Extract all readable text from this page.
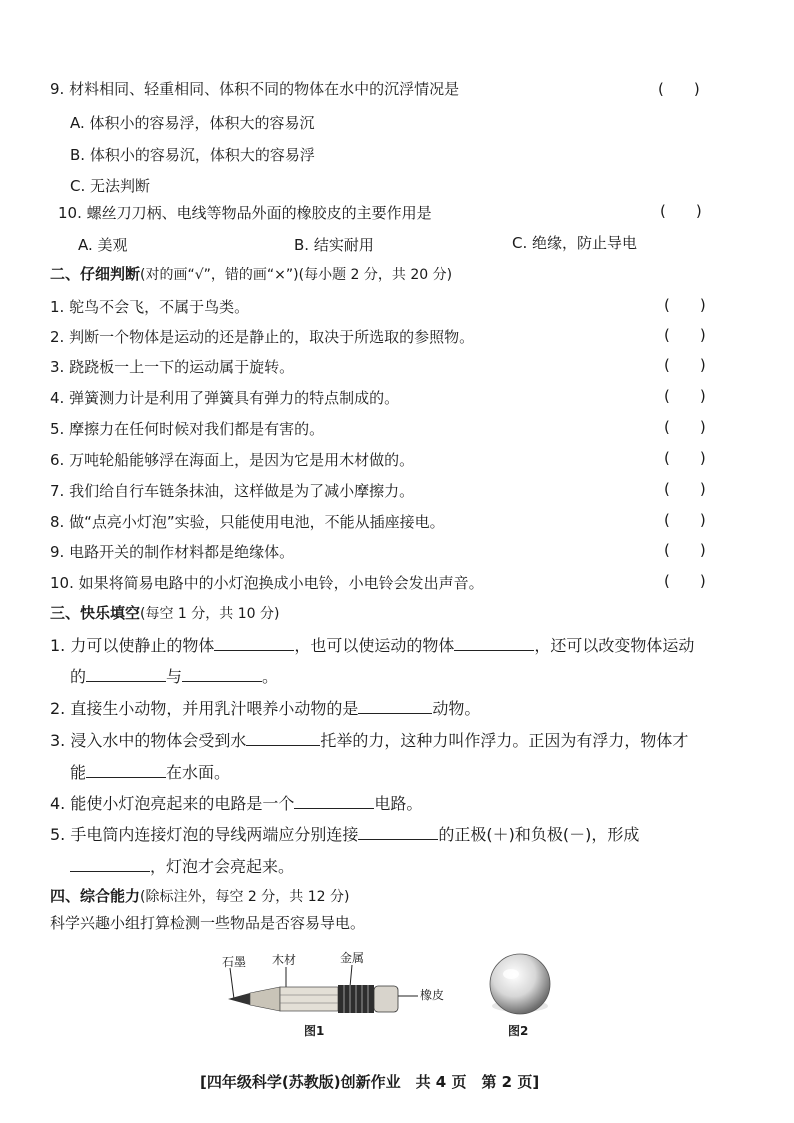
9. 材料相同、轻重相同、体积不同的物体在水中的沉浮情况是	(　　)
A. 体积小的容易浮，体积大的容易沉
B. 体积小的容易沉，体积大的容易浮
C. 无法判断
10. 螺丝刀刀柄、电线等物品外面的橡胶皮的主要作用是	(　　)
A. 美观	B. 结实耐用	C. 绝缘，防止导电
二、仔细判断(对的画“√”，错的画“×”)(每小题 2 分，共 20 分)
1. 鸵鸟不会飞，不属于鸟类。	(　　)
2. 判断一个物体是运动的还是静止的，取决于所选取的参照物。	(　　)
3. 跷跷板一上一下的运动属于旋转。	(　　)
4. 弹簧测力计是利用了弹簧具有弹力的特点制成的。	(　　)
5. 摩擦力在任何时候对我们都是有害的。	(　　)
6. 万吨轮船能够浮在海面上，是因为它是用木材做的。	(　　)
7. 我们给自行车链条抹油，这样做是为了减小摩擦力。	(　　)
8. 做“点亮小灯泡”实验，只能使用电池，不能从插座接电。	(　　)
9. 电路开关的制作材料都是绝缘体。	(　　)
10. 如果将简易电路中的小灯泡换成小电铃，小电铃会发出声音。	(　　)
三、快乐填空(每空 1 分，共 10 分)
1. 力可以使静止的物体	，也可以使运动的物体	，还可以改变物体运动
的	与	。
2. 直接生小动物，并用乳汁喂养小动物的是	动物。
3. 浸入水中的物体会受到水	托举的力，这种力叫作浮力。正因为有浮力，物体才
能	在水面。
4. 能使小灯泡亮起来的电路是一个	电路。
5. 手电筒内连接灯泡的导线两端应分别连接	的正极(＋)和负极(－)，形成
，灯泡才会亮起来。
四、综合能力(除标注外，每空 2 分，共 12 分)
科学兴趣小组打算检测一些物品是否容易导电。
石墨 木材	金属
橡皮
图1	图2
[四年级科学(苏教版)创新作业　共 4 页　第 2 页]
